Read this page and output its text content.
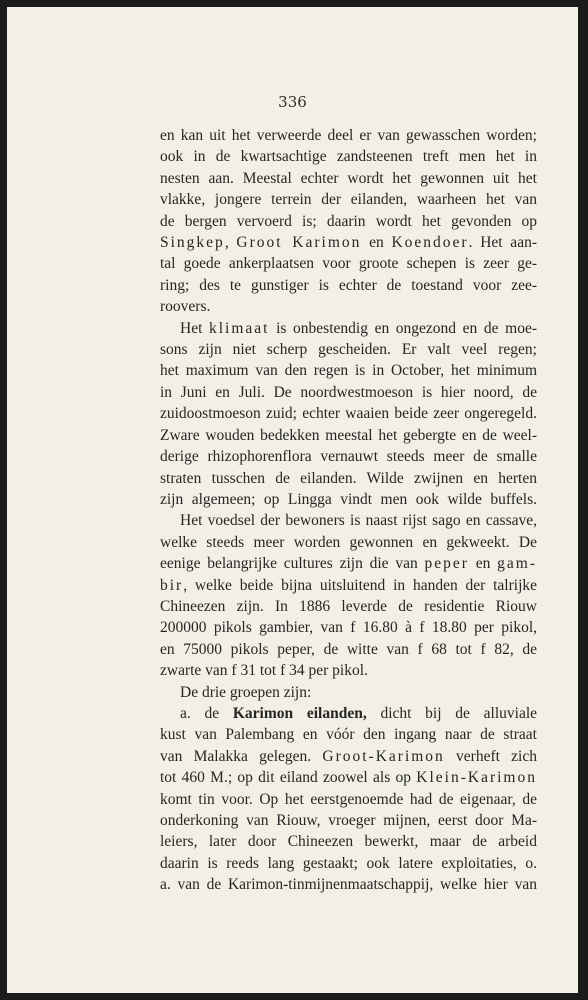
336
en kan uit het verweerde deel er van gewasschen worden;
ook in de kwartsachtige zandsteenen treft men het in
nesten aan. Meestal echter wordt het gewonnen uit het
vlakke, jongere terrein der eilanden, waarheen het van
de bergen vervoerd is; daarin wordt het gevonden op
Singkep, Groot Karimon en Koendoer. Het aan-
tal goede ankerplaatsen voor groote schepen is zeer ge-
ring; des te gunstiger is echter de toestand voor zee-
roovers.
Het klimaat is onbestendig en ongezond en de moe-
sons zijn niet scherp gescheiden. Er valt veel regen;
het maximum van den regen is in October, het minimum
in Juni en Juli. De noordwestmoeson is hier noord, de
zuidoostmoeson zuid; echter waaien beide zeer ongeregeld.
Zware wouden bedekken meestal het gebergte en de weel-
derige rhizophorenflora vernauwt steeds meer de smalle
straten tusschen de eilanden. Wilde zwijnen en herten
zijn algemeen; op Lingga vindt men ook wilde buffels.
Het voedsel der bewoners is naast rijst sago en cassave,
welke steeds meer worden gewonnen en gekweekt. De
eenige belangrijke cultures zijn die van peper en gam-
bir, welke beide bijna uitsluitend in handen der talrijke
Chineezen zijn. In 1886 leverde de residentie Riouw
200000 pikols gambier, van f 16.80 à f 18.80 per pikol,
en 75000 pikols peper, de witte van f 68 tot f 82, de
zwarte van f 31 tot f 34 per pikol.
De drie groepen zijn:
a. de Karimon eilanden, dicht bij de alluviale
kust van Palembang en vóór den ingang naar de straat
van Malakka gelegen. Groot-Karimon verheft zich
tot 460 M.; op dit eiland zoowel als op Klein-Karimon
komt tin voor. Op het eerstgenoemde had de eigenaar, de
onderkoning van Riouw, vroeger mijnen, eerst door Ma-
leiers, later door Chineezen bewerkt, maar de arbeid
daarin is reeds lang gestaakt; ook latere exploitaties, o.
a. van de Karimon-tinmijnenmaatschappij, welke hier van
